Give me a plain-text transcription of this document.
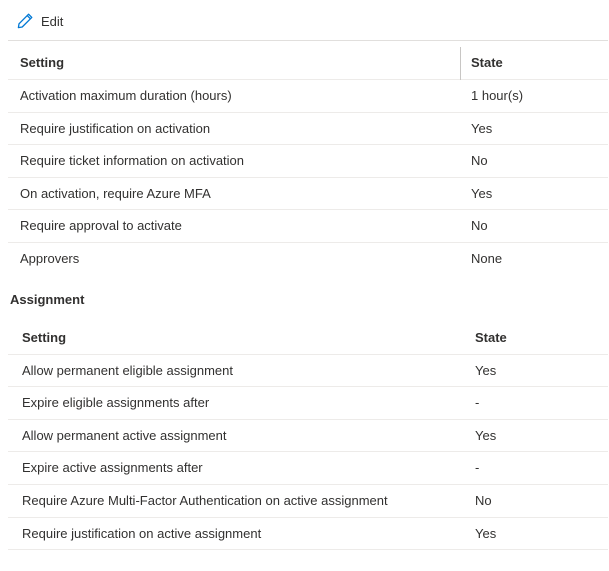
Edit
Setting	State
Activation maximum duration (hours)	1 hour(s)
Require justification on activation	Yes
Require ticket information on activation	No
On activation, require Azure MFA	Yes
Require approval to activate	No
Approvers	None
Assignment
Setting	State
Allow permanent eligible assignment	Yes
Expire eligible assignments after	-
Allow permanent active assignment	Yes
Expire active assignments after	-
Require Azure Multi-Factor Authentication on active assignment	No
Require justification on active assignment	Yes
